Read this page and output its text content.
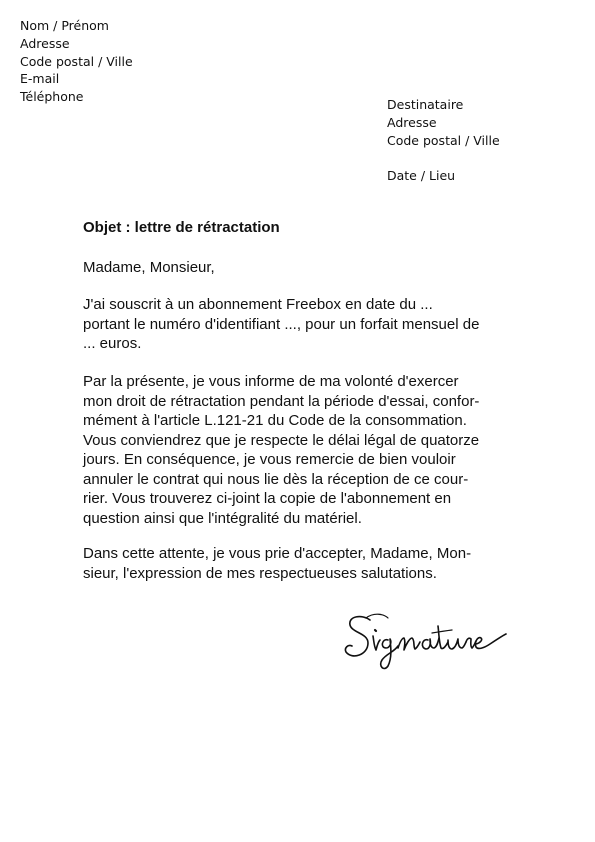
Nom / Prénom
Adresse
Code postal / Ville
E-mail
Téléphone
Destinataire
Adresse
Code postal / Ville
Date / Lieu
Objet : lettre de rétractation
Madame, Monsieur,
J'ai souscrit à un abonnement Freebox en date du ...
portant le numéro d'identifiant ..., pour un forfait mensuel de
... euros.
Par la présente, je vous informe de ma volonté d'exercer
mon droit de rétractation pendant la période d'essai, confor-
mément à l'article L.121-21 du Code de la consommation.
Vous conviendrez que je respecte le délai légal de quatorze
jours. En conséquence, je vous remercie de bien vouloir
annuler le contrat qui nous lie dès la réception de ce cour-
rier. Vous trouverez ci-joint la copie de l'abonnement en
question ainsi que l'intégralité du matériel.
Dans cette attente, je vous prie d'accepter, Madame, Mon-
sieur, l'expression de mes respectueuses salutations.
